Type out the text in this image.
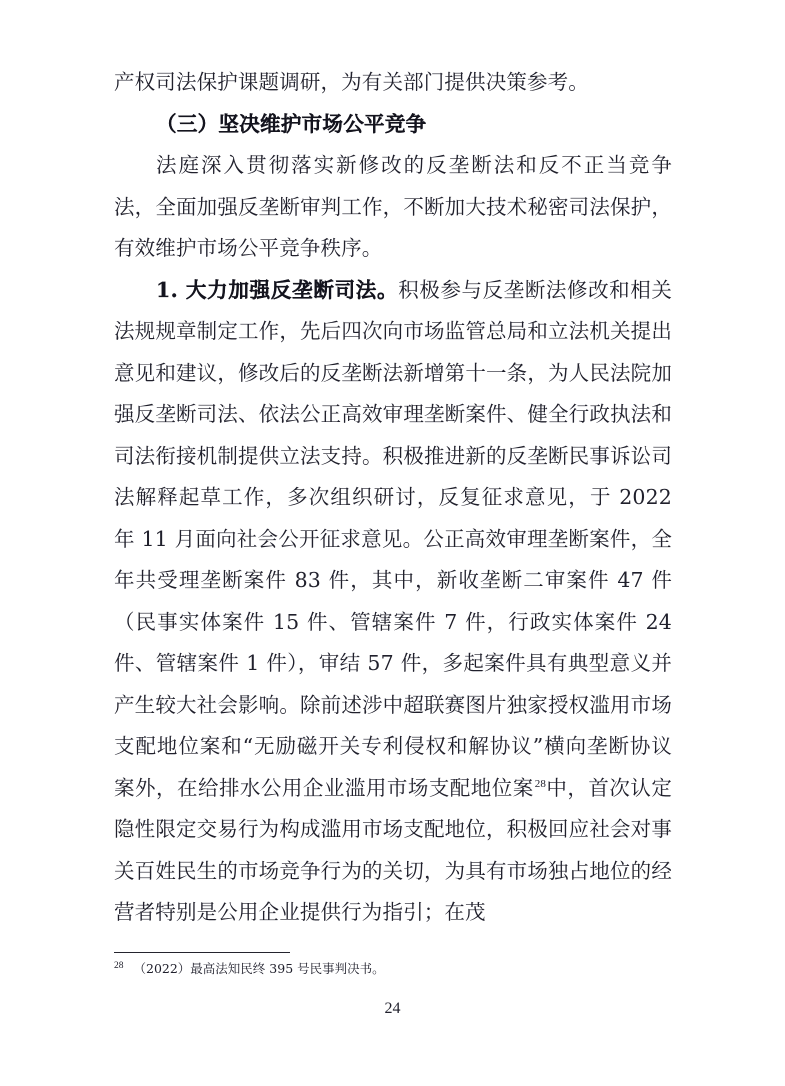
产权司法保护课题调研，为有关部门提供决策参考。

（三）坚决维护市场公平竞争

法庭深入贯彻落实新修改的反垄断法和反不正当竞争法，全面加强反垄断审判工作，不断加大技术秘密司法保护，有效维护市场公平竞争秩序。

1. 大力加强反垄断司法。积极参与反垄断法修改和相关法规规章制定工作，先后四次向市场监管总局和立法机关提出意见和建议，修改后的反垄断法新增第十一条，为人民法院加强反垄断司法、依法公正高效审理垄断案件、健全行政执法和司法衔接机制提供立法支持。积极推进新的反垄断民事诉讼司法解释起草工作，多次组织研讨，反复征求意见，于 2022 年 11 月面向社会公开征求意见。公正高效审理垄断案件，全年共受理垄断案件 83 件，其中，新收垄断二审案件 47 件（民事实体案件 15 件、管辖案件 7 件，行政实体案件 24 件、管辖案件 1 件），审结 57 件，多起案件具有典型意义并产生较大社会影响。除前述涉中超联赛图片独家授权滥用市场支配地位案和“无励磁开关专利侵权和解协议”横向垄断协议案外，在给排水公用企业滥用市场支配地位案$^{28}$中，首次认定隐性限定交易行为构成滥用市场支配地位，积极回应社会对事关百姓民生的市场竞争行为的关切，为具有市场独占地位的经营者特别是公用企业提供行为指引；在茂

$^{28}$ （2022）最高法知民终 395 号民事判决书。

24
